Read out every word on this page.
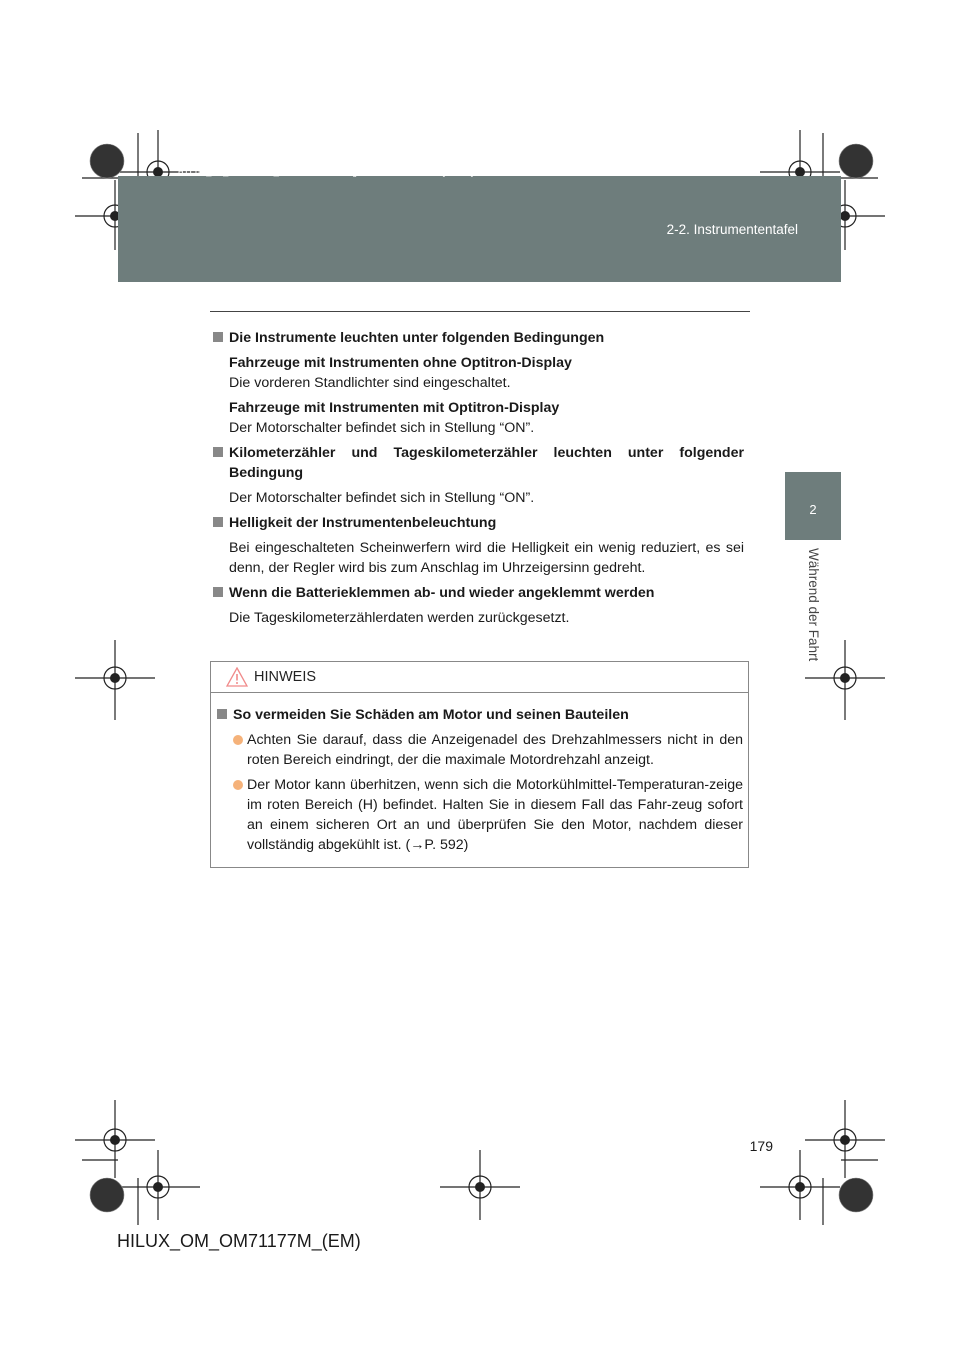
HILUX_OM_OM71177M_(EM).book  Page 179  Wednesday, May 16, 2012  1:28 PM
2-2. Instrumententafel
2
Während der Fahrt
Die Instrumente leuchten unter folgenden Bedingungen
Fahrzeuge mit Instrumenten ohne Optitron-Display
Die vorderen Standlichter sind eingeschaltet.
Fahrzeuge mit Instrumenten mit Optitron-Display
Der Motorschalter befindet sich in Stellung “ON”.
Kilometerzähler und Tageskilometerzähler leuchten unter folgender Bedingung
Der Motorschalter befindet sich in Stellung “ON”.
Helligkeit der Instrumentenbeleuchtung
Bei eingeschalteten Scheinwerfern wird die Helligkeit ein wenig reduziert, es sei denn, der Regler wird bis zum Anschlag im Uhrzeigersinn gedreht.
Wenn die Batterieklemmen ab- und wieder angeklemmt werden
Die Tageskilometerzählerdaten werden zurückgesetzt.
HINWEIS
So vermeiden Sie Schäden am Motor und seinen Bauteilen
Achten Sie darauf, dass die Anzeigenadel des Drehzahlmessers nicht in den roten Bereich eindringt, der die maximale Motordrehzahl anzeigt.
Der Motor kann überhitzen, wenn sich die Motorkühlmittel-Temperaturan-zeige im roten Bereich (H) befindet. Halten Sie in diesem Fall das Fahr-zeug sofort an einem sicheren Ort an und überprüfen Sie den Motor, nachdem dieser vollständig abgekühlt ist. (→P. 592)
179
HILUX_OM_OM71177M_(EM)
